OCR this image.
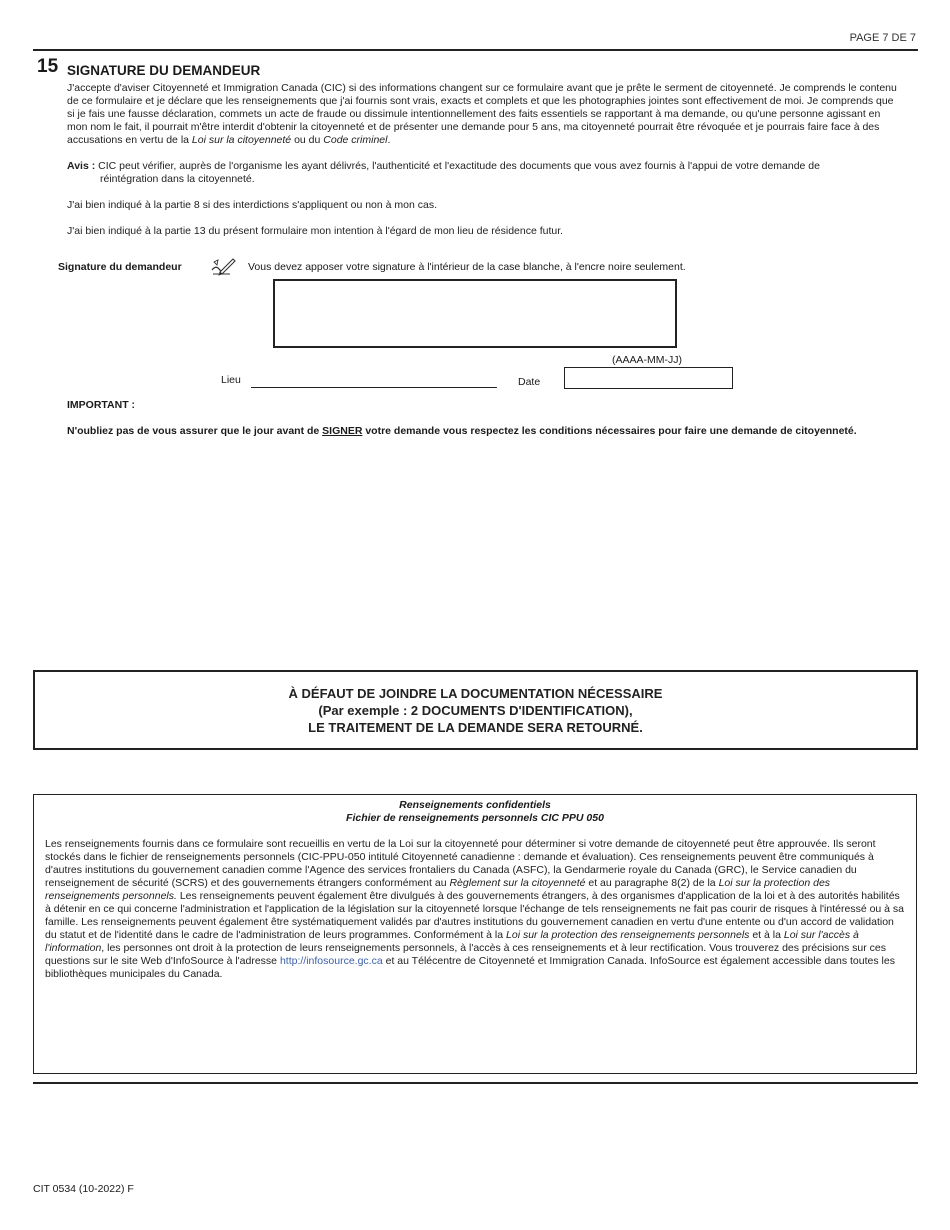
PAGE 7 DE 7
15 SIGNATURE DU DEMANDEUR
J'accepte d'aviser Citoyenneté et Immigration Canada (CIC) si des informations changent sur ce formulaire avant que je prête le serment de citoyenneté. Je comprends le contenu de ce formulaire et je déclare que les renseignements que j'ai fournis sont vrais, exacts et complets et que les photographies jointes sont effectivement de moi. Je comprends que si je fais une fausse déclaration, commets un acte de fraude ou dissimule intentionnellement des faits essentiels se rapportant à ma demande, ou qu'une personne agissant en mon nom le fait, il pourrait m'être interdit d'obtenir la citoyenneté et de présenter une demande pour 5 ans, ma citoyenneté pourrait être révoquée et je pourrais faire face à des accusations en vertu de la Loi sur la citoyenneté ou du Code criminel.
Avis : CIC peut vérifier, auprès de l'organisme les ayant délivrés, l'authenticité et l'exactitude des documents que vous avez fournis à l'appui de votre demande de
réintégration dans la citoyenneté.
J'ai bien indiqué à la partie 8 si des interdictions s'appliquent ou non à mon cas.
J'ai bien indiqué à la partie 13 du présent formulaire mon intention à l'égard de mon lieu de résidence futur.
Signature du demandeur	Vous devez apposer votre signature à l'intérieur de la case blanche, à l'encre noire seulement.
(AAAA-MM-JJ)
Lieu	Date
IMPORTANT :
N'oubliez pas de vous assurer que le jour avant de SIGNER votre demande vous respectez les conditions nécessaires pour faire une demande de citoyenneté.
À DÉFAUT DE JOINDRE LA DOCUMENTATION NÉCESSAIRE
(Par exemple : 2 DOCUMENTS D'IDENTIFICATION),
LE TRAITEMENT DE LA DEMANDE SERA RETOURNÉ.
Renseignements confidentiels
Fichier de renseignements personnels CIC PPU 050
Les renseignements fournis dans ce formulaire sont recueillis en vertu de la Loi sur la citoyenneté pour déterminer si votre demande de citoyenneté peut être approuvée. Ils seront stockés dans le fichier de renseignements personnels (CIC-PPU-050 intitulé Citoyenneté canadienne : demande et évaluation). Ces renseignements peuvent être communiqués à d'autres institutions du gouvernement canadien comme l'Agence des services frontaliers du Canada (ASFC), la Gendarmerie royale du Canada (GRC), le Service canadien du renseignement de sécurité (SCRS) et des gouvernements étrangers conformément au Règlement sur la citoyenneté et au paragraphe 8(2) de la Loi sur la protection des renseignements personnels. Les renseignements peuvent également être divulgués à des gouvernements étrangers, à des organismes d'application de la loi et à des autorités habilités à détenir en ce qui concerne l'administration et l'application de la législation sur la citoyenneté lorsque l'échange de tels renseignements ne fait pas courir de risques à l'intéressé ou à sa famille. Les renseignements peuvent également être systématiquement validés par d'autres institutions du gouvernement canadien en vertu d'une entente ou d'un accord de validation du statut et de l'identité dans le cadre de l'administration de leurs programmes. Conformément à la Loi sur la protection des renseignements personnels et à la Loi sur l'accès à l'information, les personnes ont droit à la protection de leurs renseignements personnels, à l'accès à ces renseignements et à leur rectification. Vous trouverez des précisions sur ces questions sur le site Web d'InfoSource à l'adresse http://infosource.gc.ca et au Télécentre de Citoyenneté et Immigration Canada. InfoSource est également accessible dans toutes les bibliothèques municipales du Canada.
CIT 0534 (10-2022) F
